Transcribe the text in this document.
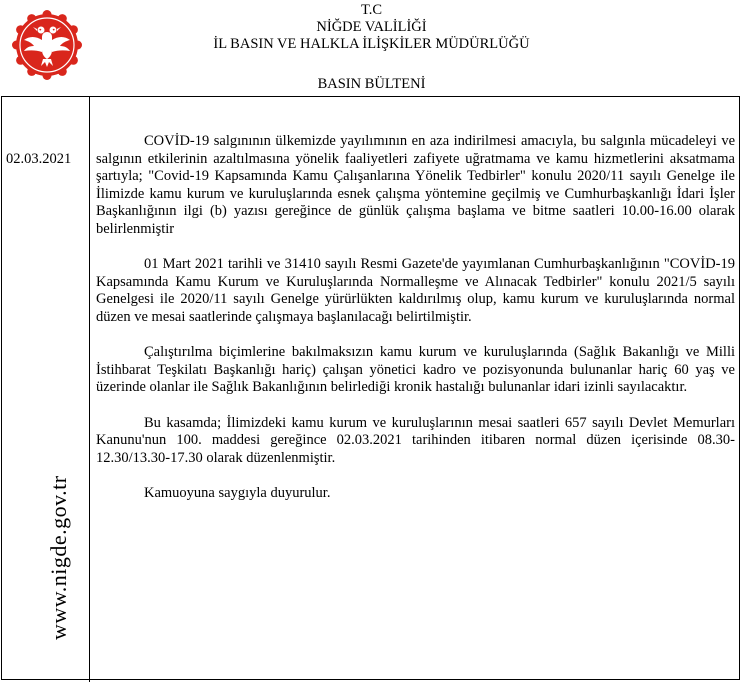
T.C
NİĞDE VALİLİĞİ
İL BASIN VE HALKLA İLİŞKİLER MÜDÜRLÜĞÜ
BASIN BÜLTENİ
02.03.2021
www.nigde.gov.tr

COVİD-19 salgınının ülkemizde yayılımının en aza indirilmesi amacıyla, bu salgınla mücadeleyi ve salgının etkilerinin azaltılmasına yönelik faaliyetleri zafiyete uğratmama ve kamu hizmetlerini aksatmama şartıyla; "Covid-19 Kapsamında Kamu Çalışanlarına Yönelik Tedbirler" konulu 2020/11 sayılı Genelge ile İlimizde kamu kurum ve kuruluşlarında esnek çalışma yöntemine geçilmiş ve Cumhurbaşkanlığı İdari İşler Başkanlığının ilgi (b) yazısı gereğince de günlük çalışma başlama ve bitme saatleri 10.00-16.00 olarak belirlenmiştir

01 Mart 2021 tarihli ve 31410 sayılı Resmi Gazete'de yayımlanan Cumhurbaşkanlığının "COVİD-19 Kapsamında Kamu Kurum ve Kuruluşlarında Normalleşme ve Alınacak Tedbirler" konulu 2021/5 sayılı Genelgesi ile 2020/11 sayılı Genelge yürürlükten kaldırılmış olup, kamu kurum ve kuruluşlarında normal düzen ve mesai saatlerinde çalışmaya başlanılacağı belirtilmiştir.

Çalıştırılma biçimlerine bakılmaksızın kamu kurum ve kuruluşlarında (Sağlık Bakanlığı ve Milli İstihbarat Teşkilatı Başkanlığı hariç) çalışan yönetici kadro ve pozisyonunda bulunanlar hariç 60 yaş ve üzerinde olanlar ile Sağlık Bakanlığının belirlediği kronik hastalığı bulunanlar idari izinli sayılacaktır.

Bu kasamda; İlimizdeki kamu kurum ve kuruluşlarının mesai saatleri 657 sayılı Devlet Memurları Kanunu'nun 100. maddesi gereğince 02.03.2021 tarihinden itibaren normal düzen içerisinde 08.30-12.30/13.30-17.30 olarak düzenlenmiştir.

Kamuoyuna saygıyla duyurulur.
